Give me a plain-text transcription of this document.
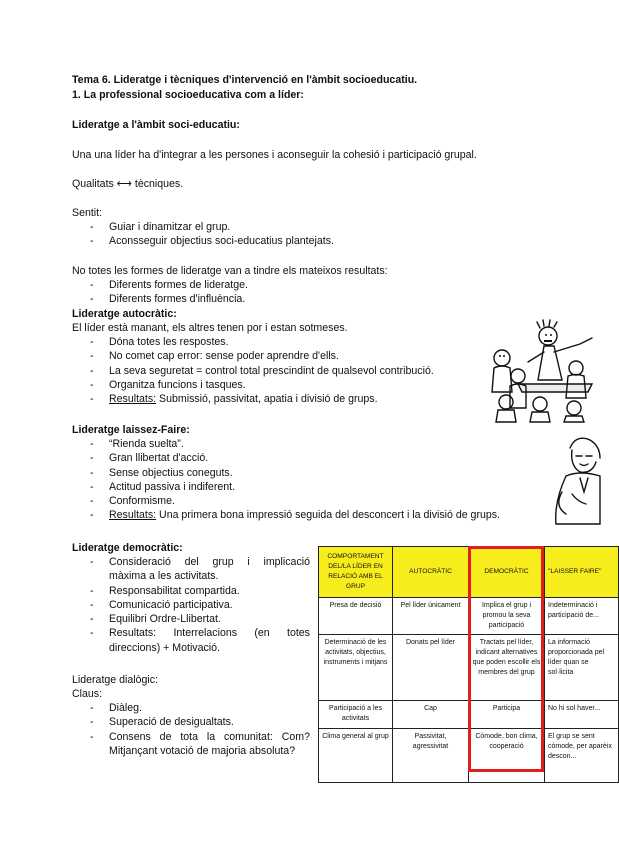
Tema 6. Lideratge i tècniques d'intervenció en l'àmbit socioeducatiu.
1. La professional socioeducativa com a líder:
Lideratge a l'àmbit soci-educatiu:
Una una líder ha d'integrar a les persones i aconseguir la cohesió i participació grupal.
Qualitats ⟷ tècniques.
Sentit:
- Guiar i dinamitzar el grup.
- Aconsseguir objectius soci-educatius plantejats.
No totes les formes de lideratge van a tindre els mateixos resultats:
- Diferents formes de lideratge.
- Diferents formes d'influència.
Lideratge autocràtic:
El líder està manant, els altres tenen por i estan sotmeses.
- Dóna totes les respostes.
- No comet cap error: sense poder aprendre d'ells.
- La seva seguretat = control total prescindint de qualsevol contribució.
- Organitza funcions i tasques.
- Resultats: Submissió, passivitat, apatia i divisió de grups.
Lideratge laissez-Faire:
- “Rienda suelta”.
- Gran llibertat d'acció.
- Sense objectius coneguts.
- Actitud passiva i indiferent.
- Conformisme.
- Resultats: Una primera bona impressió seguida del desconcert i la divisió de grups.
Lideratge democràtic:
- Consideració del grup i implicació
màxima a les activitats.
- Responsabilitat compartida.
- Comunicació participativa.
- Equilibri Ordre-Llibertat.
- Resultats: Interrelacions (en totes
direccions) + Motivació.
Lideratge dialògic:
Claus:
- Diàleg.
- Superació de desigualtats.
- Consens de tota la comunitat: Com?
Mitjançant votació de majoria absoluta?
COMPORTAMENT DEL/LA LÍDER EN RELACIÓ AMB EL GRUP	AUTOCRÀTIC	DEMOCRÀTIC	"LAISSER FAIRE"
Presa de decisió	Pel líder únicament	Implica el grup i promou la seva participació	Indeterminació i participació de...
Determinació de les activitats, objectius, instruments i mitjans	Donats pel líder	Tractats pel líder, indicant alternatives que poden escollir els membres del grup	La informació proporcionada pel líder quan se sol·licita
Participació a les activitats	Cap	Participa	No hi sol haver...
Clima general al grup	Passivitat, agressivitat	Còmode, bon clima, cooperació	El grup se sent còmode, per aparèix descon...
